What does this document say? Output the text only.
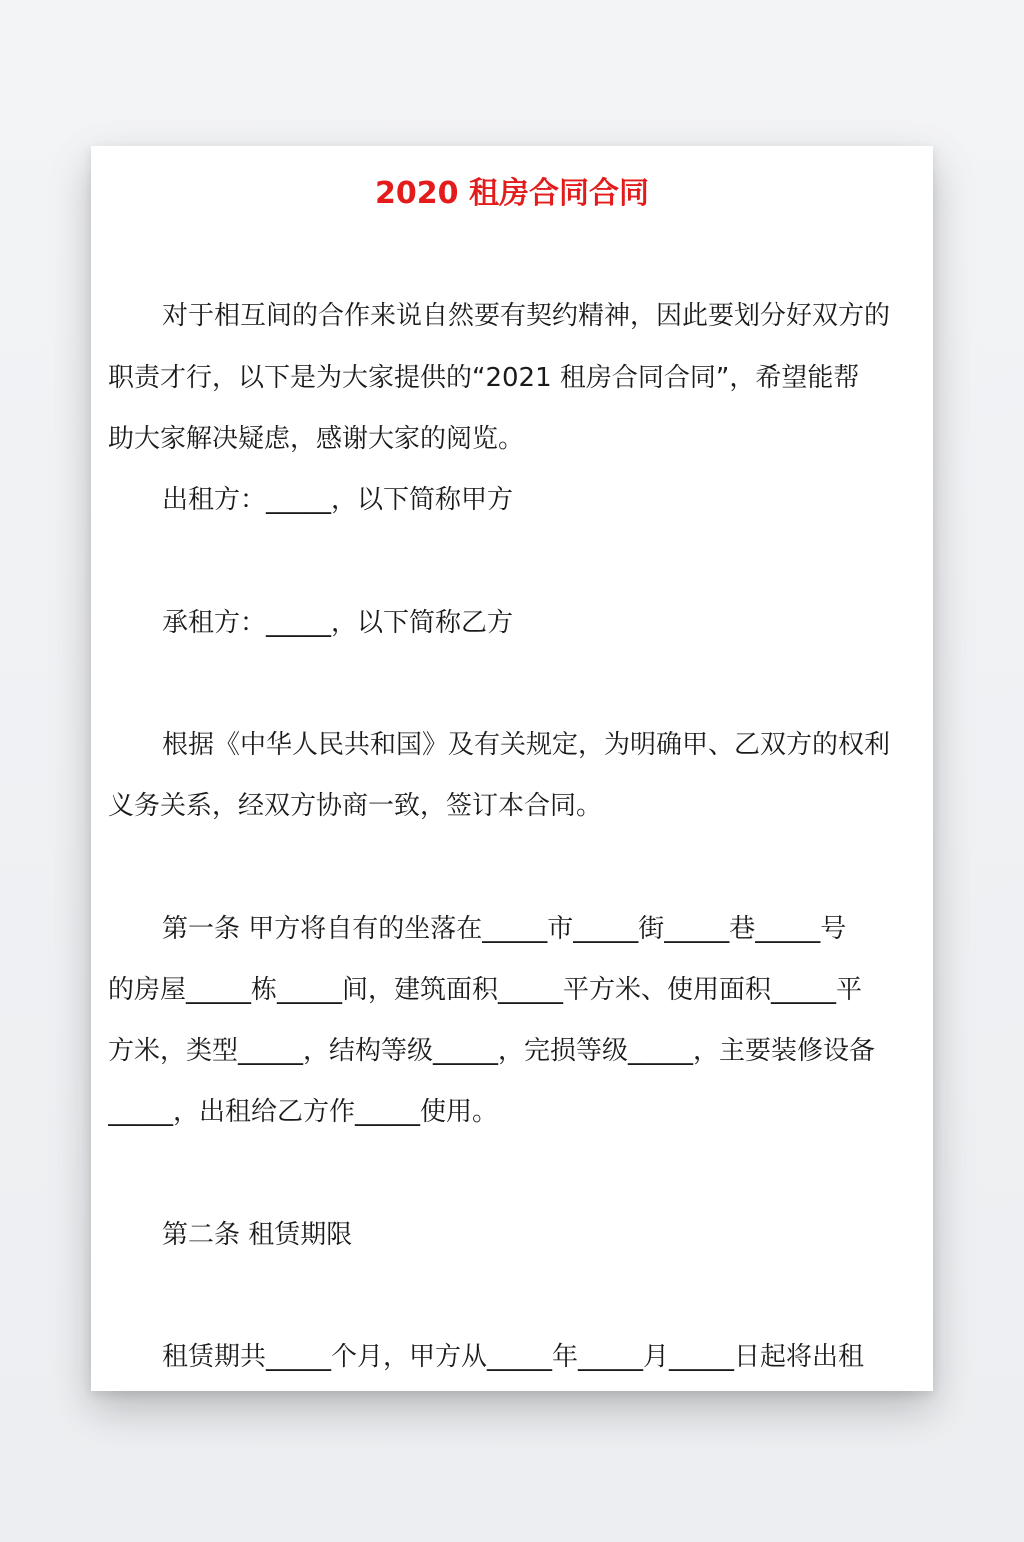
2020 租房合同合同
对于相互间的合作来说自然要有契约精神，因此要划分好双方的
职责才行，以下是为大家提供的“2021 租房合同合同”，希望能帮
助大家解决疑虑，感谢大家的阅览。
出租方：_____，以下简称甲方
承租方：_____，以下简称乙方
根据《中华人民共和国》及有关规定，为明确甲、乙双方的权利
义务关系，经双方协商一致，签订本合同。
第一条 甲方将自有的坐落在_____市_____街_____巷_____号
的房屋_____栋_____间，建筑面积_____平方米、使用面积_____平
方米，类型_____，结构等级_____，完损等级_____，主要装修设备
_____，出租给乙方作_____使用。
第二条 租赁期限
租赁期共_____个月，甲方从_____年_____月_____日起将出租
